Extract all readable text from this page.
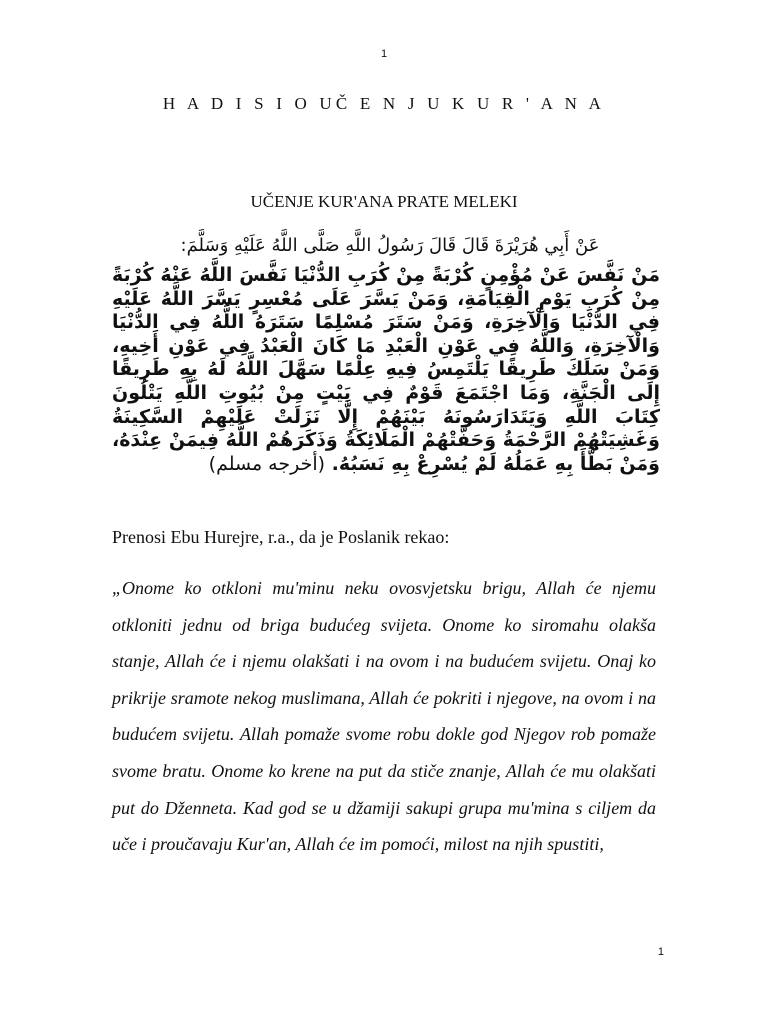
1
H A D I S I O UČ E N J U K U R ' A N A
UČENJE KUR'ANA PRATE MELEKI
عَنْ أَبِي هُرَيْرَةَ قَالَ قَالَ رَسُولُ اللَّهِ صَلَّى اللَّهُ عَلَيْهِ وَسَلَّمَ:
مَنْ نَفَّسَ عَنْ مُؤْمِنٍ كُرْبَةً مِنْ كُرَبِ الدُّنْيَا نَفَّسَ اللَّهُ عَنْهُ كُرْبَةً مِنْ كُرَبِ يَوْمِ الْقِيَامَةِ، وَمَنْ يَسَّرَ عَلَى مُعْسِرٍ يَسَّرَ اللَّهُ عَلَيْهِ فِي الدُّنْيَا وَالْآخِرَةِ، وَمَنْ سَتَرَ مُسْلِمًا سَتَرَهُ اللَّهُ فِي الدُّنْيَا وَالْآخِرَةِ، وَاللَّهُ فِي عَوْنِ الْعَبْدِ مَا كَانَ الْعَبْدُ فِي عَوْنِ أَخِيهِ، وَمَنْ سَلَكَ طَرِيقًا يَلْتَمِسُ فِيهِ عِلْمًا سَهَّلَ اللَّهُ لَهُ بِهِ طَرِيقًا إِلَى الْجَنَّةِ، وَمَا اجْتَمَعَ قَوْمٌ فِي بَيْتٍ مِنْ بُيُوتِ اللَّهِ يَتْلُونَ كِتَابَ اللَّهِ وَيَتَدَارَسُونَهُ بَيْنَهُمْ إِلَّا نَزَلَتْ عَلَيْهِمْ السَّكِينَةُ وَغَشِيَتْهُمْ الرَّحْمَةُ وَحَفَّتْهُمْ الْمَلَائِكَةُ وَذَكَرَهُمْ اللَّهُ فِيمَنْ عِنْدَهُ، وَمَنْ بَطَّأَ بِهِ عَمَلُهُ لَمْ يُسْرِعْ بِهِ نَسَبُهُ. (أخرجه مسلم)
Prenosi Ebu Hurejre, r.a., da je Poslanik rekao:

„Onome ko otkloni mu'minu neku ovosvjetsku brigu, Allah će njemu otkloniti jednu od briga budućeg svijeta. Onome ko siromahu olakša stanje, Allah će i njemu olakšati i na ovom i na budućem svijetu. Onaj ko prikrije sramote nekog muslimana, Allah će pokriti i njegove, na ovom i na budućem svijetu. Allah pomaže svome robu dokle god Njegov rob pomaže svome bratu. Onome ko krene na put da stiče znanje, Allah će mu olakšati put do Dženneta. Kad god se u džamiji sakupi grupa mu'mina s ciljem da uče i proučavaju Kur'an, Allah će im pomoći, milost na njih spustiti,

1
